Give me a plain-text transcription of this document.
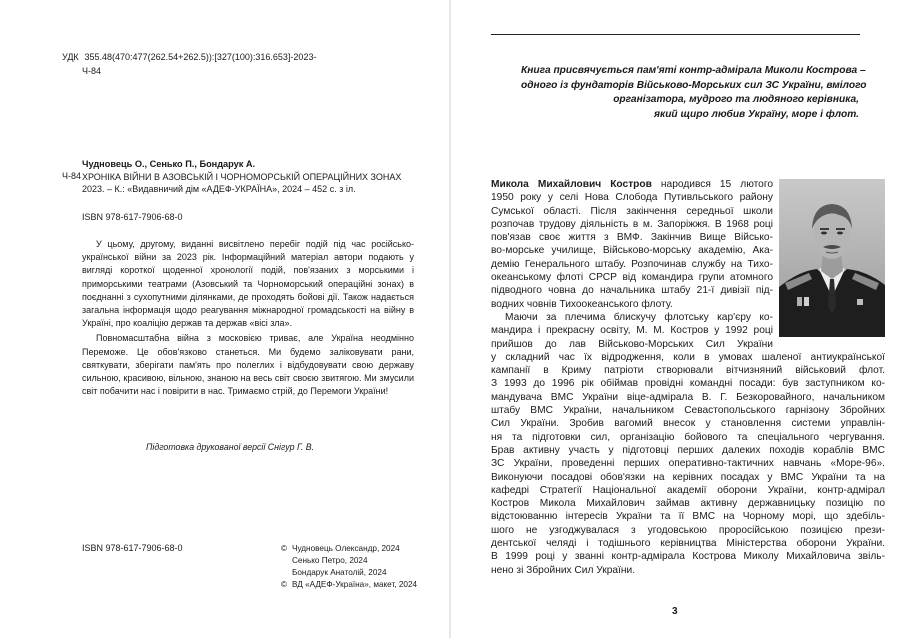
УДК 355.48(470:477(262.54+262.5)):[327(100):316.653]-2023-
Ч-84
Чудновець О., Сенько П., Бондарук А.
Ч-84 ХРОНІКА ВІЙНИ В АЗОВСЬКІЙ І ЧОРНОМОРСЬКІЙ ОПЕРАЦІЙНИХ ЗОНАХ
2023. – К.: «Видавничий дім «АДЕФ-УКРАЇНА», 2024 – 452 с. з іл.
ISBN 978-617-7906-68-0

У цьому, другому, виданні висвітлено перебіг подій під час російсько-української війни за 2023 рік. Інформаційний матеріал автори подають у вигляді короткої щоденної хронології подій, пов'язаних з морськими і приморськими театрами (Азовський та Чорноморський операційні зонах) в поєднанні з сухопутними ділянками, де проходять бойові дії. Також надається загальна інформація щодо реагування міжнародної громадськості на війну в Україні, про коаліцію держав та держав «вісі зла».

Повномасштабна війна з московією триває, але Україна неодмінно Переможе. Це обов'язково станеться. Ми будемо заліковувати рани, святкувати, зберігати пам'ять про полеглих і відбудовувати свою державу сильною, красивою, вільною, знаною на весь світ своєю звитягою. Ми змусили світ побачити нас і повірити в нас. Тримаємо стрій, до Перемоги України!

Підготовка друкованої версії Снігур Г. В.
ISBN 978-617-7906-68-0	© Чудновець Олександр, 2024
Сенько Петро, 2024
Бондарук Анатолій, 2024
© ВД «АДЕФ-Україна», макет, 2024
Книга присвячується пам'яті контр-адмірала Миколи Кострова –
одного із фундаторів Військово-Морських сил ЗС України, вмілого
організатора, мудрого та людяного керівника,
який щиро любив Україну, море і флот.
Микола Михайлович Костров народився 15 лютого
1950 року у селі Нова Слобода Путивльського району
Сумської області. Після закінчення середньої школи
розпочав трудову діяльність в м. Запоріжжя. В 1968 році
пов'язав своє життя з ВМФ. Закінчив Вище Військо-
во-морське училище, Військово-морську академію, Ака-
демію Генерального штабу. Розпочинав службу на Тихо-
океанському флоті СРСР від командира групи атомного
підводного човна до начальника штабу 21-ї дивізії під-
водних човнів Тихоокеанського флоту.
Маючи за плечима блискучу флотську кар'єру ко-
мандира і прекрасну освіту, М. М. Костров у 1992 році
прийшов до лав Військово-Морських Сил України
у складний час їх відродження, коли в умовах шаленої антиукраїнської
кампанії в Криму патріоти створювали вітчизняний військовий флот.
З 1993 до 1996 рік обіймав провідні командні посади: був заступником ко-
мандувача ВМС України віце-адмірала В. Г. Безкоровайного, начальником
штабу ВМС України, начальником Севастопольського гарнізону Збройних
Сил України. Зробив вагомий внесок у становлення системи управлін-
ня та підготовки сил, організацію бойового та спеціального чергування.
Брав активну участь у підготовці перших далеких походів кораблів ВМС
ЗС України, проведенні перших оперативно-тактичних навчань «Море-96».
Виконуючи посадові обов'язки на керівних посадах у ВМС України та на
кафедрі Стратегії Національної академії оборони України, контр-адмірал
Костров Микола Михайлович займав активну державницьку позицію по
відстоюванню інтересів України та її ВМС на Чорному морі, що здебіль-
шого не узгоджувалася з угодовською проросійською позицією прези-
дентської челяді і тодішнього керівництва Міністерства оборони України.
В 1999 році у званні контр-адмірала Кострова Миколу Михайловича звіль-
нено зі Збройних Сил України.
3
